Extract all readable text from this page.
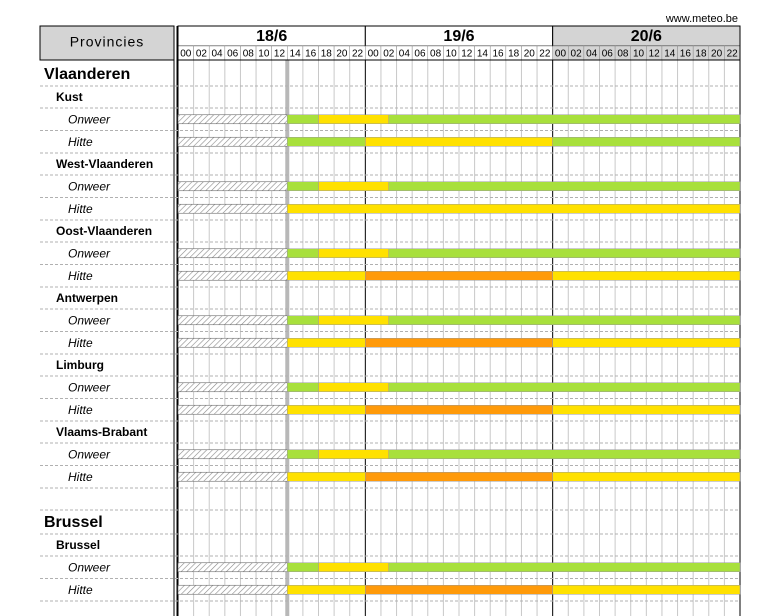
www.meteo.be
Provincies	18/6
00 02 04 06 08 10 12 14 16 18 20 22
19/6
00 02 04 06 08 10 12 14 16 18 20 22
20/6
00 02 04 06 08 10 12 14 16 18 20 22
Vlaanderen
Kust
Onweer
Hitte
West-Vlaanderen
Onweer
Hitte
Oost-Vlaanderen
Onweer
Hitte
Antwerpen
Onweer
Hitte
Limburg
Onweer
Hitte
Vlaams-Brabant
Onweer
Hitte
Brussel
Brussel
Onweer
Hitte
